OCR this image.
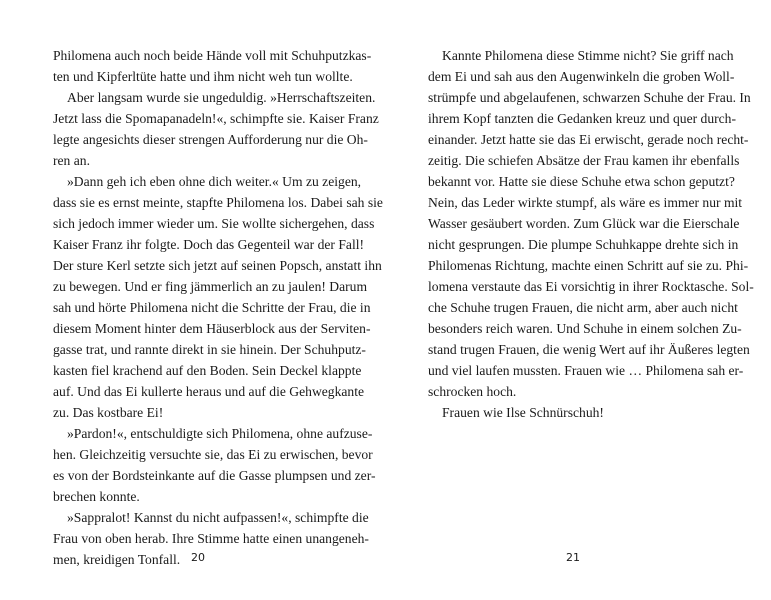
Philomena auch noch beide Hände voll mit Schuhputzkas-
ten und Kipferltüte hatte und ihm nicht weh tun wollte.
Aber langsam wurde sie ungeduldig. »Herrschaftszeiten.
Jetzt lass die Spomapanadeln!«, schimpfte sie. Kaiser Franz
legte angesichts dieser strengen Aufforderung nur die Oh-
ren an.
»Dann geh ich eben ohne dich weiter.« Um zu zeigen,
dass sie es ernst meinte, stapfte Philomena los. Dabei sah sie
sich jedoch immer wieder um. Sie wollte sichergehen, dass
Kaiser Franz ihr folgte. Doch das Gegenteil war der Fall!
Der sture Kerl setzte sich jetzt auf seinen Popsch, anstatt ihn
zu bewegen. Und er fing jämmerlich an zu jaulen! Darum
sah und hörte Philomena nicht die Schritte der Frau, die in
diesem Moment hinter dem Häuserblock aus der Serviten-
gasse trat, und rannte direkt in sie hinein. Der Schuhputz-
kasten fiel krachend auf den Boden. Sein Deckel klappte
auf. Und das Ei kullerte heraus und auf die Gehwegkante
zu. Das kostbare Ei!
»Pardon!«, entschuldigte sich Philomena, ohne aufzuse-
hen. Gleichzeitig versuchte sie, das Ei zu erwischen, bevor
es von der Bordsteinkante auf die Gasse plumpsen und zer-
brechen konnte.
»Sappralot! Kannst du nicht aufpassen!«, schimpfte die
Frau von oben herab. Ihre Stimme hatte einen unangeneh-
men, kreidigen Tonfall.
Kannte Philomena diese Stimme nicht? Sie griff nach
dem Ei und sah aus den Augenwinkeln die groben Woll-
strümpfe und abgelaufenen, schwarzen Schuhe der Frau. In
ihrem Kopf tanzten die Gedanken kreuz und quer durch-
einander. Jetzt hatte sie das Ei erwischt, gerade noch recht-
zeitig. Die schiefen Absätze der Frau kamen ihr ebenfalls
bekannt vor. Hatte sie diese Schuhe etwa schon geputzt?
Nein, das Leder wirkte stumpf, als wäre es immer nur mit
Wasser gesäubert worden. Zum Glück war die Eierschale
nicht gesprungen. Die plumpe Schuhkappe drehte sich in
Philomenas Richtung, machte einen Schritt auf sie zu. Phi-
lomena verstaute das Ei vorsichtig in ihrer Rocktasche. Sol-
che Schuhe trugen Frauen, die nicht arm, aber auch nicht
besonders reich waren. Und Schuhe in einem solchen Zu-
stand trugen Frauen, die wenig Wert auf ihr Äußeres legten
und viel laufen mussten. Frauen wie … Philomena sah er-
schrocken hoch.
Frauen wie Ilse Schnürschuh!
20	21
